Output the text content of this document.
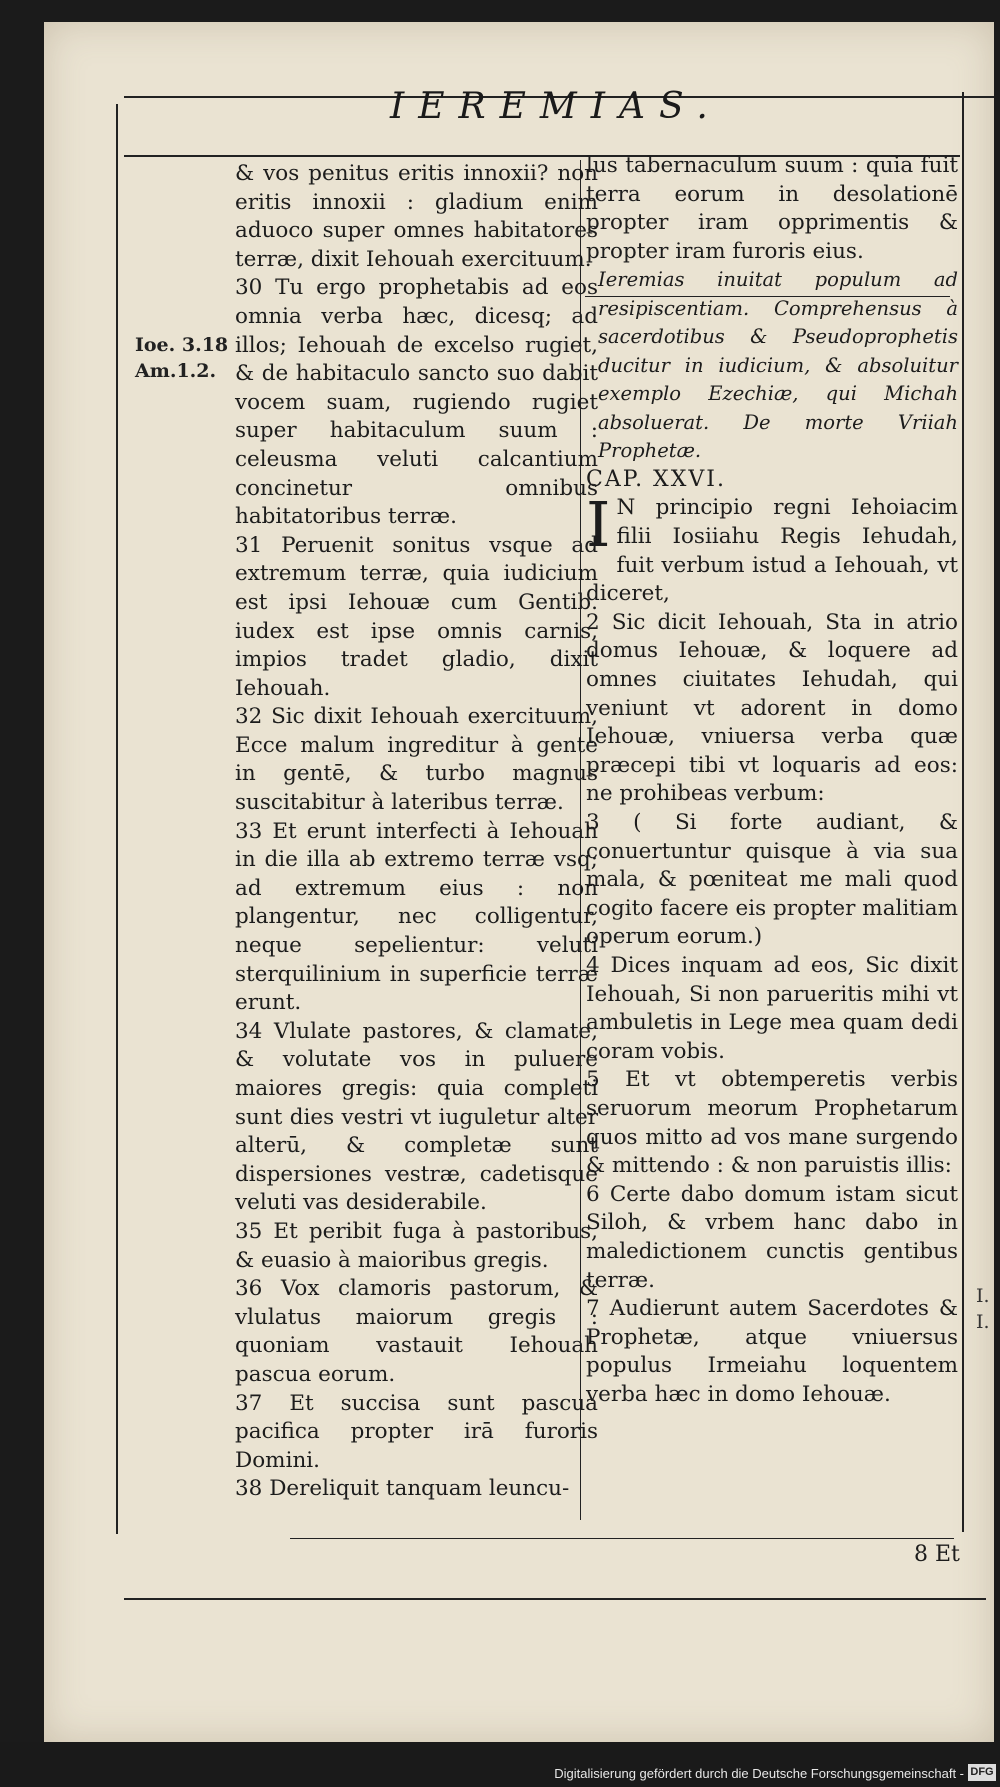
IEREMIAS.
Ioe. 3.18
Am.1.2.

& vos penitus eritis innoxii? non eritis innoxii : gladium enim aduoco super omnes habitatores terræ, dixit Iehouah exercituum.

30 Tu ergo prophetabis ad eos omnia verba hæc, dicesq; ad illos; Iehouah de excelso rugiet, & de habitaculo sancto suo dabit vocem suam, rugiendo rugiet super habitaculum suum : celeusma veluti calcantium concinetur omnibus habitatoribus terræ.

31 Peruenit sonitus vsque ad extremum terræ, quia iudicium est ipsi Iehouæ cum Gentib. iudex est ipse omnis carnis, impios tradet gladio, dixit Iehouah.

32 Sic dixit Iehouah exercituum, Ecce malum ingreditur à gente in gentē, & turbo magnus suscitabitur à lateribus terræ.

33 Et erunt interfecti à Iehouah in die illa ab extremo terræ vsq; ad extremum eius : non plangentur, nec colligentur, neque sepelientur: veluti sterquilinium in superficie terræ erunt.

34 Vlulate pastores, & clamate, & volutate vos in puluere maiores gregis: quia completi sunt dies vestri vt iuguletur alter alterū, & completæ sunt dispersiones vestræ, cadetisque veluti vas desiderabile.

35 Et peribit fuga à pastoribus, & euasio à maioribus gregis.

36 Vox clamoris pastorum, & vlulatus maiorum gregis : quoniam vastauit Iehouah pascua eorum.

37 Et succisa sunt pascua pacifica propter irā furoris Domini.

38 Dereliquit tanquam leuncu-

lus tabernaculum suum : quia fuit terra eorum in desolationē propter iram opprimentis & propter iram furoris eius.

Ieremias inuitat populum ad resipiscentiam. Comprehensus à sacerdotibus & Pseudoprophetis ducitur in iudicium, & absoluitur exemplo Ezechiæ, qui Michah absoluerat. De morte Vriiah Prophetæ.

CAP. XXVI.

I N principio regni Iehoiacim filii Iosiiahu Regis Iehudah, fuit verbum istud a Iehouah, vt diceret,

2 Sic dicit Iehouah, Sta in atrio domus Iehouæ, & loquere ad omnes ciuitates Iehudah, qui veniunt vt adorent in domo Iehouæ, vniuersa verba quæ præcepi tibi vt loquaris ad eos: ne prohibeas verbum:

3 ( Si forte audiant, & conuertuntur quisque à via sua mala, & pœniteat me mali quod cogito facere eis propter malitiam operum eorum.)

4 Dices inquam ad eos, Sic dixit Iehouah, Si non parueritis mihi vt ambuletis in Lege mea quam dedi coram vobis.

5 Et vt obtemperetis verbis seruorum meorum Prophetarum quos mitto ad vos mane surgendo & mittendo : & non paruistis illis:

6 Certe dabo domum istam sicut Siloh, & vrbem hanc dabo in maledictionem cunctis gentibus terræ.

7 Audierunt autem Sacerdotes & Prophetæ, atque vniuersus populus Irmeiahu loquentem verba hæc in domo Iehouæ.

8 Et
I.
I.
Digitalisierung gefördert durch die Deutsche Forschungsgemeinschaft - DFG
